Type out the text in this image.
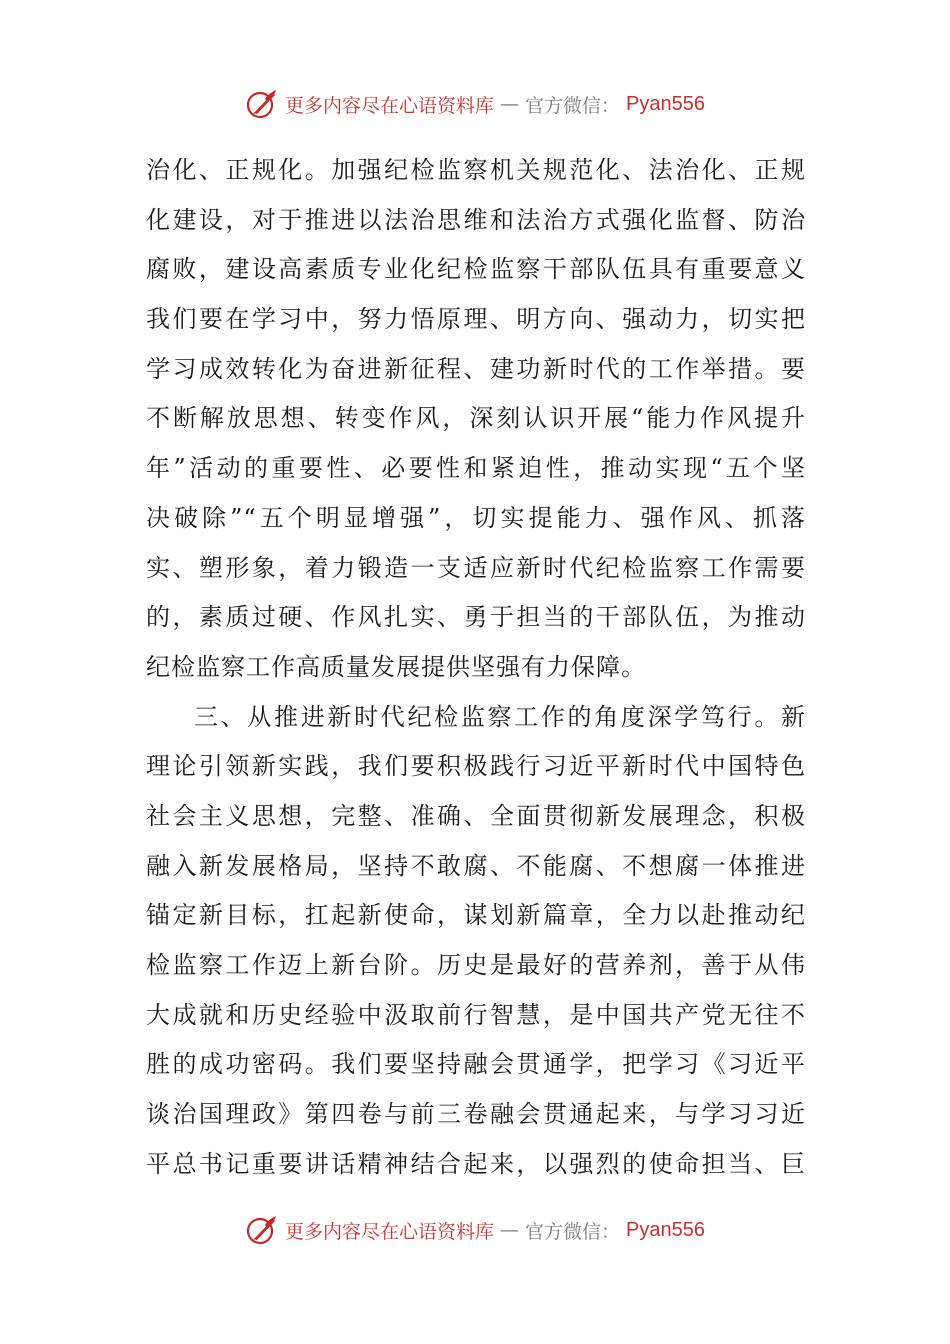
更多内容尽在心语资料库 — 官方微信： Pyan556
治化、正规化。加强纪检监察机关规范化、法治化、正规
化建设，对于推进以法治思维和法治方式强化监督、防治
腐败，建设高素质专业化纪检监察干部队伍具有重要意义
我们要在学习中，努力悟原理、明方向、强动力，切实把
学习成效转化为奋进新征程、建功新时代的工作举措。要
不断解放思想、转变作风，深刻认识开展“能力作风提升
年”活动的重要性、必要性和紧迫性，推动实现“五个坚
决破除”“五个明显增强”，切实提能力、强作风、抓落
实、塑形象，着力锻造一支适应新时代纪检监察工作需要
的，素质过硬、作风扎实、勇于担当的干部队伍，为推动
纪检监察工作高质量发展提供坚强有力保障。
三、从推进新时代纪检监察工作的角度深学笃行。新
理论引领新实践，我们要积极践行习近平新时代中国特色
社会主义思想，完整、准确、全面贯彻新发展理念，积极
融入新发展格局，坚持不敢腐、不能腐、不想腐一体推进
锚定新目标，扛起新使命，谋划新篇章，全力以赴推动纪
检监察工作迈上新台阶。历史是最好的营养剂，善于从伟
大成就和历史经验中汲取前行智慧，是中国共产党无往不
胜的成功密码。我们要坚持融会贯通学，把学习《习近平
谈治国理政》第四卷与前三卷融会贯通起来，与学习习近
平总书记重要讲话精神结合起来，以强烈的使命担当、巨
更多内容尽在心语资料库 — 官方微信： Pyan556
